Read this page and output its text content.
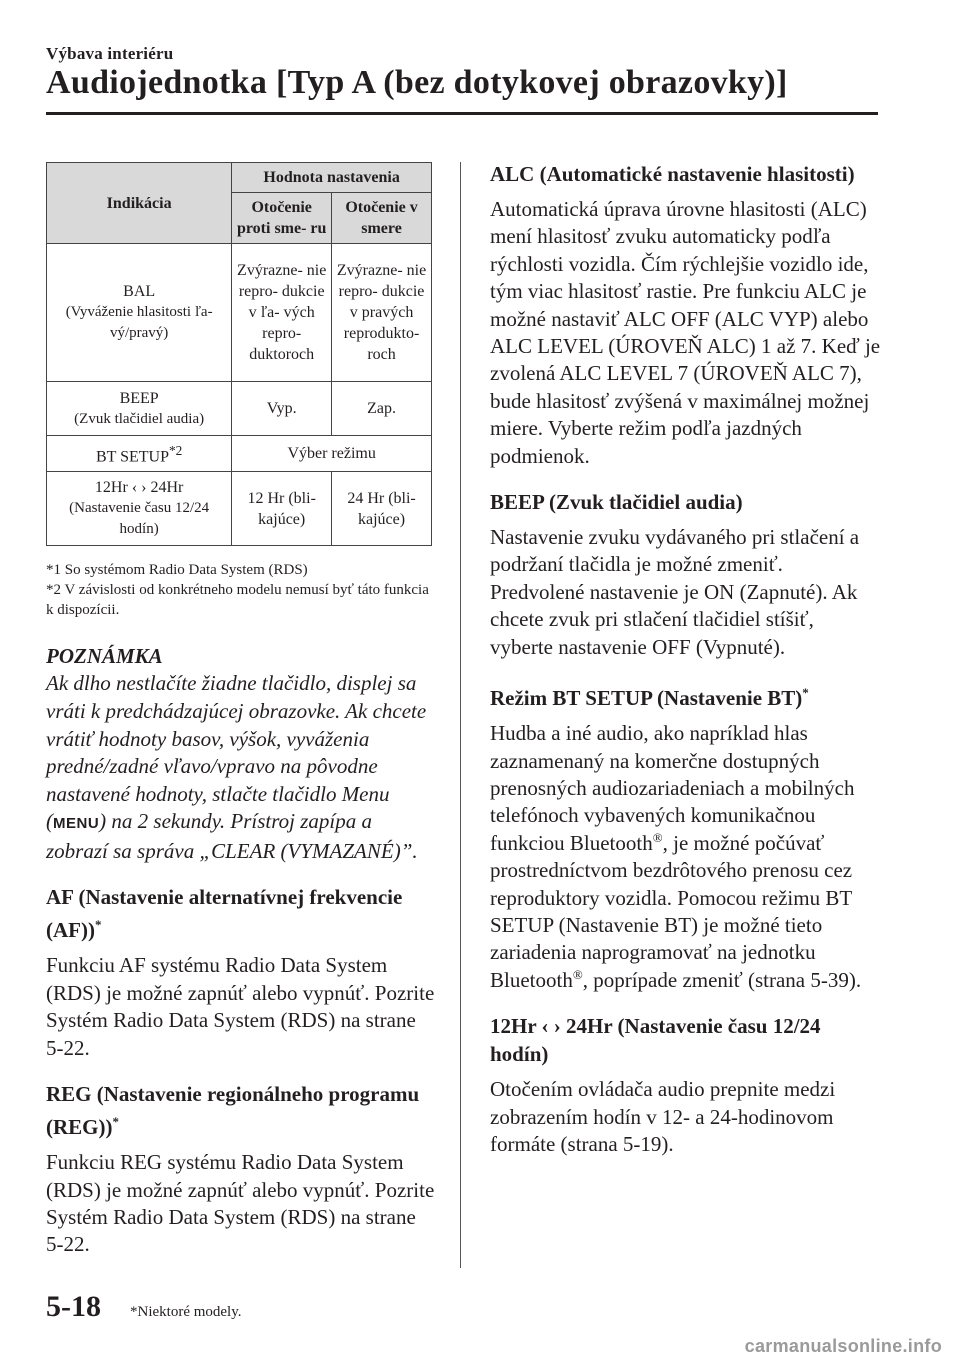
Výbava interiéru
Audiojednotka [Typ A (bez dotykovej obrazovky)]
Indikácia	Hodnota nastavenia	
	Otočenie proti sme- ru	Otočenie v smere

BAL
(Vyváženie hlasitosti ľa- vý/pravý)	Zvýrazne- nie repro- dukcie v ľa- vých repro- duktoroch	Zvýrazne- nie repro- dukcie v pravých reprodukto- roch

BEEP
(Zvuk tlačidiel audia)	Vyp.	Zap.
BT SETUP$^{*2}$	Výber režimu	

12Hr ‹ › 24Hr
(Nastavenie času 12/24 hodín)	12 Hr (bli- kajúce)	24 Hr (bli- kajúce)
*1 So systémom Radio Data System (RDS)
*2 V závislosti od konkrétneho modelu nemusí byť táto funkcia k dispozícii.
POZNÁMKA

Ak dlho nestlačíte žiadne tlačidlo, displej sa vráti k predchádzajúcej obrazovke. Ak chcete vrátiť hodnoty basov, výšok, vyváženia predné/zadné vľavo/vpravo na pôvodne nastavené hodnoty, stlačte tlačidlo Menu (MENU) na 2 sekundy. Prístroj zapípa a zobrazí sa správa „CLEAR (VYMAZANÉ)”.

AF (Nastavenie alternatívnej frekvencie (AF))*

Funkciu AF systému Radio Data System (RDS) je možné zapnúť alebo vypnúť. Pozrite Systém Radio Data System (RDS) na strane 5-22.

REG (Nastavenie regionálneho programu (REG))*

Funkciu REG systému Radio Data System (RDS) je možné zapnúť alebo vypnúť. Pozrite Systém Radio Data System (RDS) na strane 5-22.

ALC (Automatické nastavenie hlasitosti)

Automatická úprava úrovne hlasitosti (ALC) mení hlasitosť zvuku automaticky podľa rýchlosti vozidla. Čím rýchlejšie vozidlo ide, tým viac hlasitosť rastie. Pre funkciu ALC je možné nastaviť ALC OFF (ALC VYP) alebo ALC LEVEL (ÚROVEŇ ALC) 1 až 7. Keď je zvolená ALC LEVEL 7 (ÚROVEŇ ALC 7), bude hlasitosť zvýšená v maximálnej možnej miere. Vyberte režim podľa jazdných podmienok.

BEEP (Zvuk tlačidiel audia)

Nastavenie zvuku vydávaného pri stlačení a podržaní tlačidla je možné zmeniť. Predvolené nastavenie je ON (Zapnuté). Ak chcete zvuk pri stlačení tlačidiel stíšiť, vyberte nastavenie OFF (Vypnuté).

Režim BT SETUP (Nastavenie BT)*

Hudba a iné audio, ako napríklad hlas zaznamenaný na komerčne dostupných prenosných audiozariadeniach a mobilných telefónoch vybavených komunikačnou funkciou Bluetooth®, je možné počúvať prostredníctvom bezdrôtového prenosu cez reproduktory vozidla. Pomocou režimu BT SETUP (Nastavenie BT) je možné tieto zariadenia naprogramovať na jednotku Bluetooth®, poprípade zmeniť (strana 5-39).

12Hr ‹ › 24Hr (Nastavenie času 12/24 hodín)

Otočením ovládača audio prepnite medzi zobrazením hodín v 12- a 24-hodinovom formáte (strana 5-19).

5-18 *Niektoré modely.
carmanualsonline.info
